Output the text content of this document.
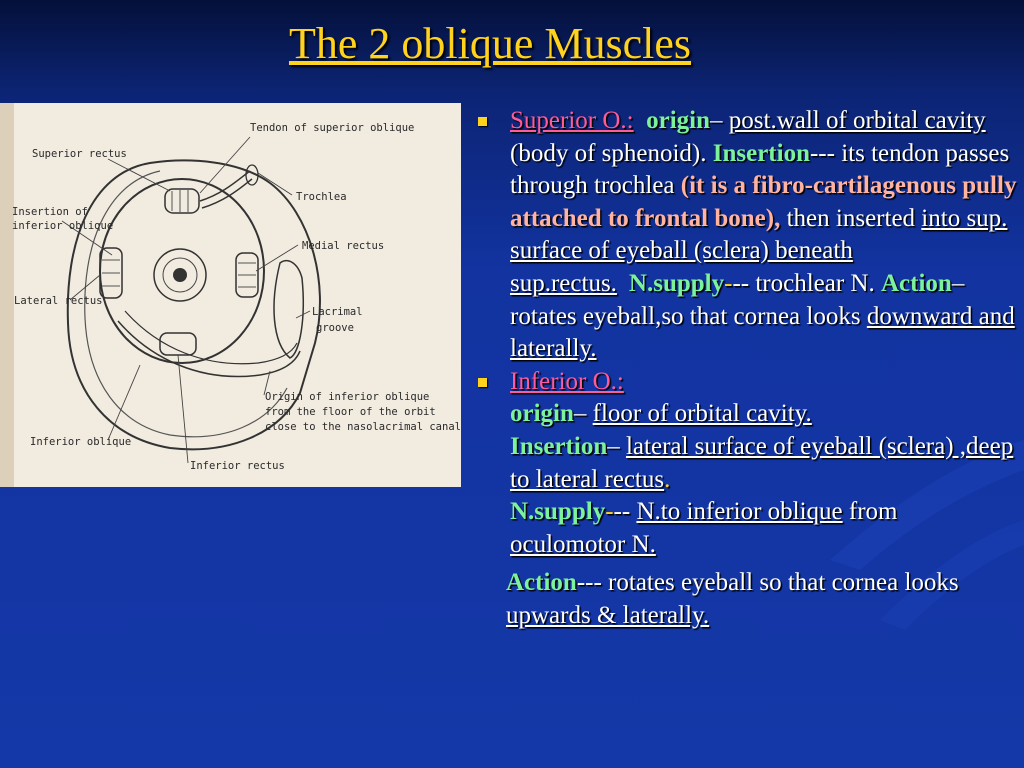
The 2 oblique Muscles
Tendon of superior oblique
Superior rectus
Trochlea
Insertion of
inferior oblique
Medial rectus
Lateral rectus
Lacrimal
groove
Origin of inferior oblique
from the floor of the orbit
close to the nasolacrimal canal
Inferior oblique
Inferior rectus

Superior O.: origin– post.wall of orbital cavity (body of sphenoid). Insertion--- its tendon passes through trochlea (it is a fibro-cartilagenous pully attached to frontal bone), then inserted into sup. surface of eyeball (sclera) beneath sup.rectus. N.supply--- trochlear N. Action– rotates eyeball,so that cornea looks downward and laterally.

Inferior O.:
origin– floor of orbital cavity.
Insertion– lateral surface of eyeball (sclera) ,deep to lateral rectus.
N.supply--- N.to inferior oblique from oculomotor N.

Action--- rotates eyeball so that cornea looks upwards & laterally.
